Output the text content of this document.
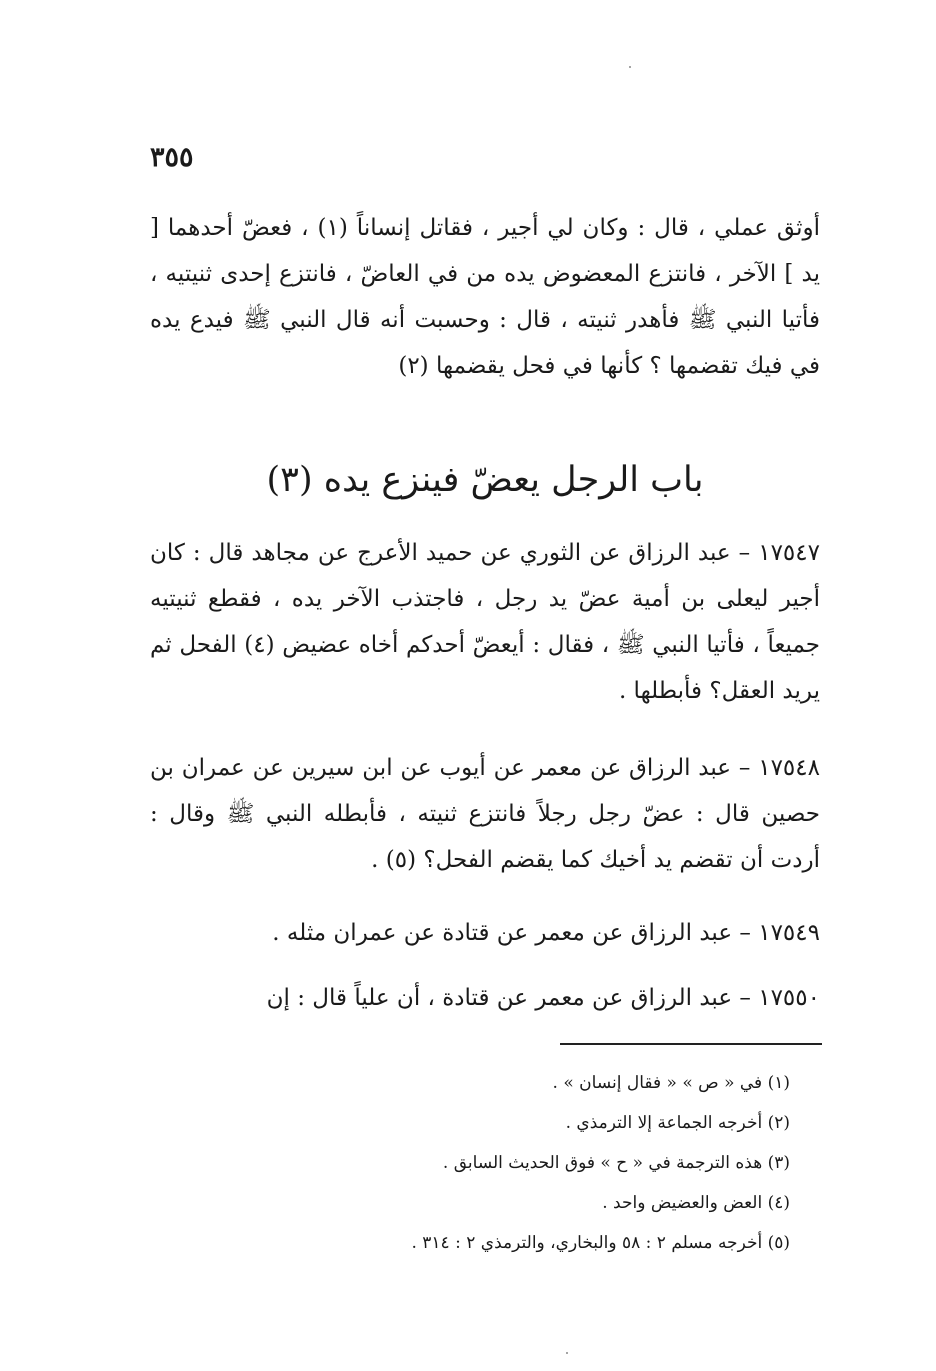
٣٥٥
أوثق عملي ، قال : وكان لي أجير ، فقاتل إنساناً (١) ، فعضّ أحدهما [ يد ] الآخر ، فانتزع المعضوض يده من في العاضّ ، فانتزع إحدى ثنيتيه ، فأتيا النبي ﷺ فأهدر ثنيته ، قال : وحسبت أنه قال النبي ﷺ فيدع يده في فيك تقضمها ؟ كأنها في فحل يقضمها (٢)
باب الرجل يعضّ فينزع يده (٣)
١٧٥٤٧ – عبد الرزاق عن الثوري عن حميد الأعرج عن مجاهد قال : كان أجير ليعلى بن أمية عضّ يد رجل ، فاجتذب الآخر يده ، فقطع ثنيتيه جميعاً ، فأتيا النبي ﷺ ، فقال : أيعضّ أحدكم أخاه عضيض (٤) الفحل ثم يريد العقل؟ فأبطلها .
١٧٥٤٨ – عبد الرزاق عن معمر عن أيوب عن ابن سيرين عن عمران بن حصين قال : عضّ رجل رجلاً فانتزع ثنيته ، فأبطله النبي ﷺ وقال : أردت أن تقضم يد أخيك كما يقضم الفحل؟ (٥) .
١٧٥٤٩ – عبد الرزاق عن معمر عن قتادة عن عمران مثله .
١٧٥٥٠ – عبد الرزاق عن معمر عن قتادة ، أن علياً قال : إن
(١) في « ص » « فقال إنسان » .
(٢) أخرجه الجماعة إلا الترمذي .
(٣) هذه الترجمة في « ح » فوق الحديث السابق .
(٤) العض والعضيض واحد .
(٥) أخرجه مسلم ٢ : ٥٨ والبخاري، والترمذي ٢ : ٣١٤ .
